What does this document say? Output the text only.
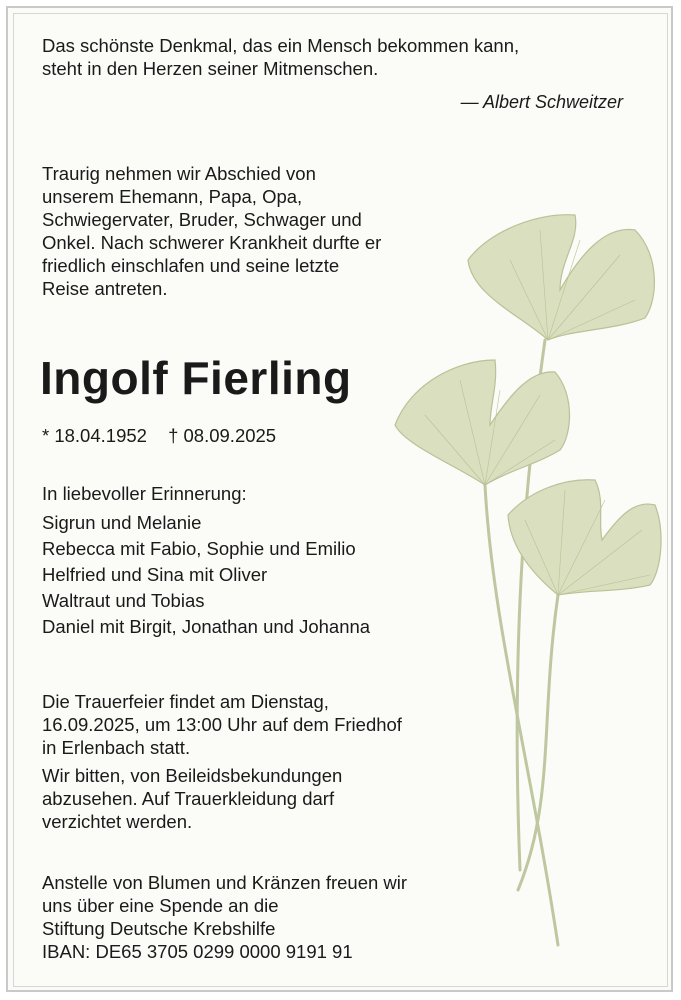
Das schönste Denkmal, das ein Mensch bekommen kann,
steht in den Herzen seiner Mitmenschen.
— Albert Schweitzer
Traurig nehmen wir Abschied von
unserem Ehemann, Papa, Opa,
Schwiegervater, Bruder, Schwager und
Onkel. Nach schwerer Krankheit durfte er
friedlich einschlafen und seine letzte
Reise antreten.
Ingolf Fierling
* 18.04.1952 † 08.09.2025
In liebevoller Erinnerung:
Sigrun und Melanie
Rebecca mit Fabio, Sophie und Emilio
Helfried und Sina mit Oliver
Waltraut und Tobias
Daniel mit Birgit, Jonathan und Johanna
Die Trauerfeier findet am Dienstag,
16.09.2025, um 13:00 Uhr auf dem Friedhof
in Erlenbach statt.
Wir bitten, von Beileidsbekundungen
abzusehen. Auf Trauerkleidung darf
verzichtet werden.
Anstelle von Blumen und Kränzen freuen wir
uns über eine Spende an die
Stiftung Deutsche Krebshilfe
IBAN: DE65 3705 0299 0000 9191 91
